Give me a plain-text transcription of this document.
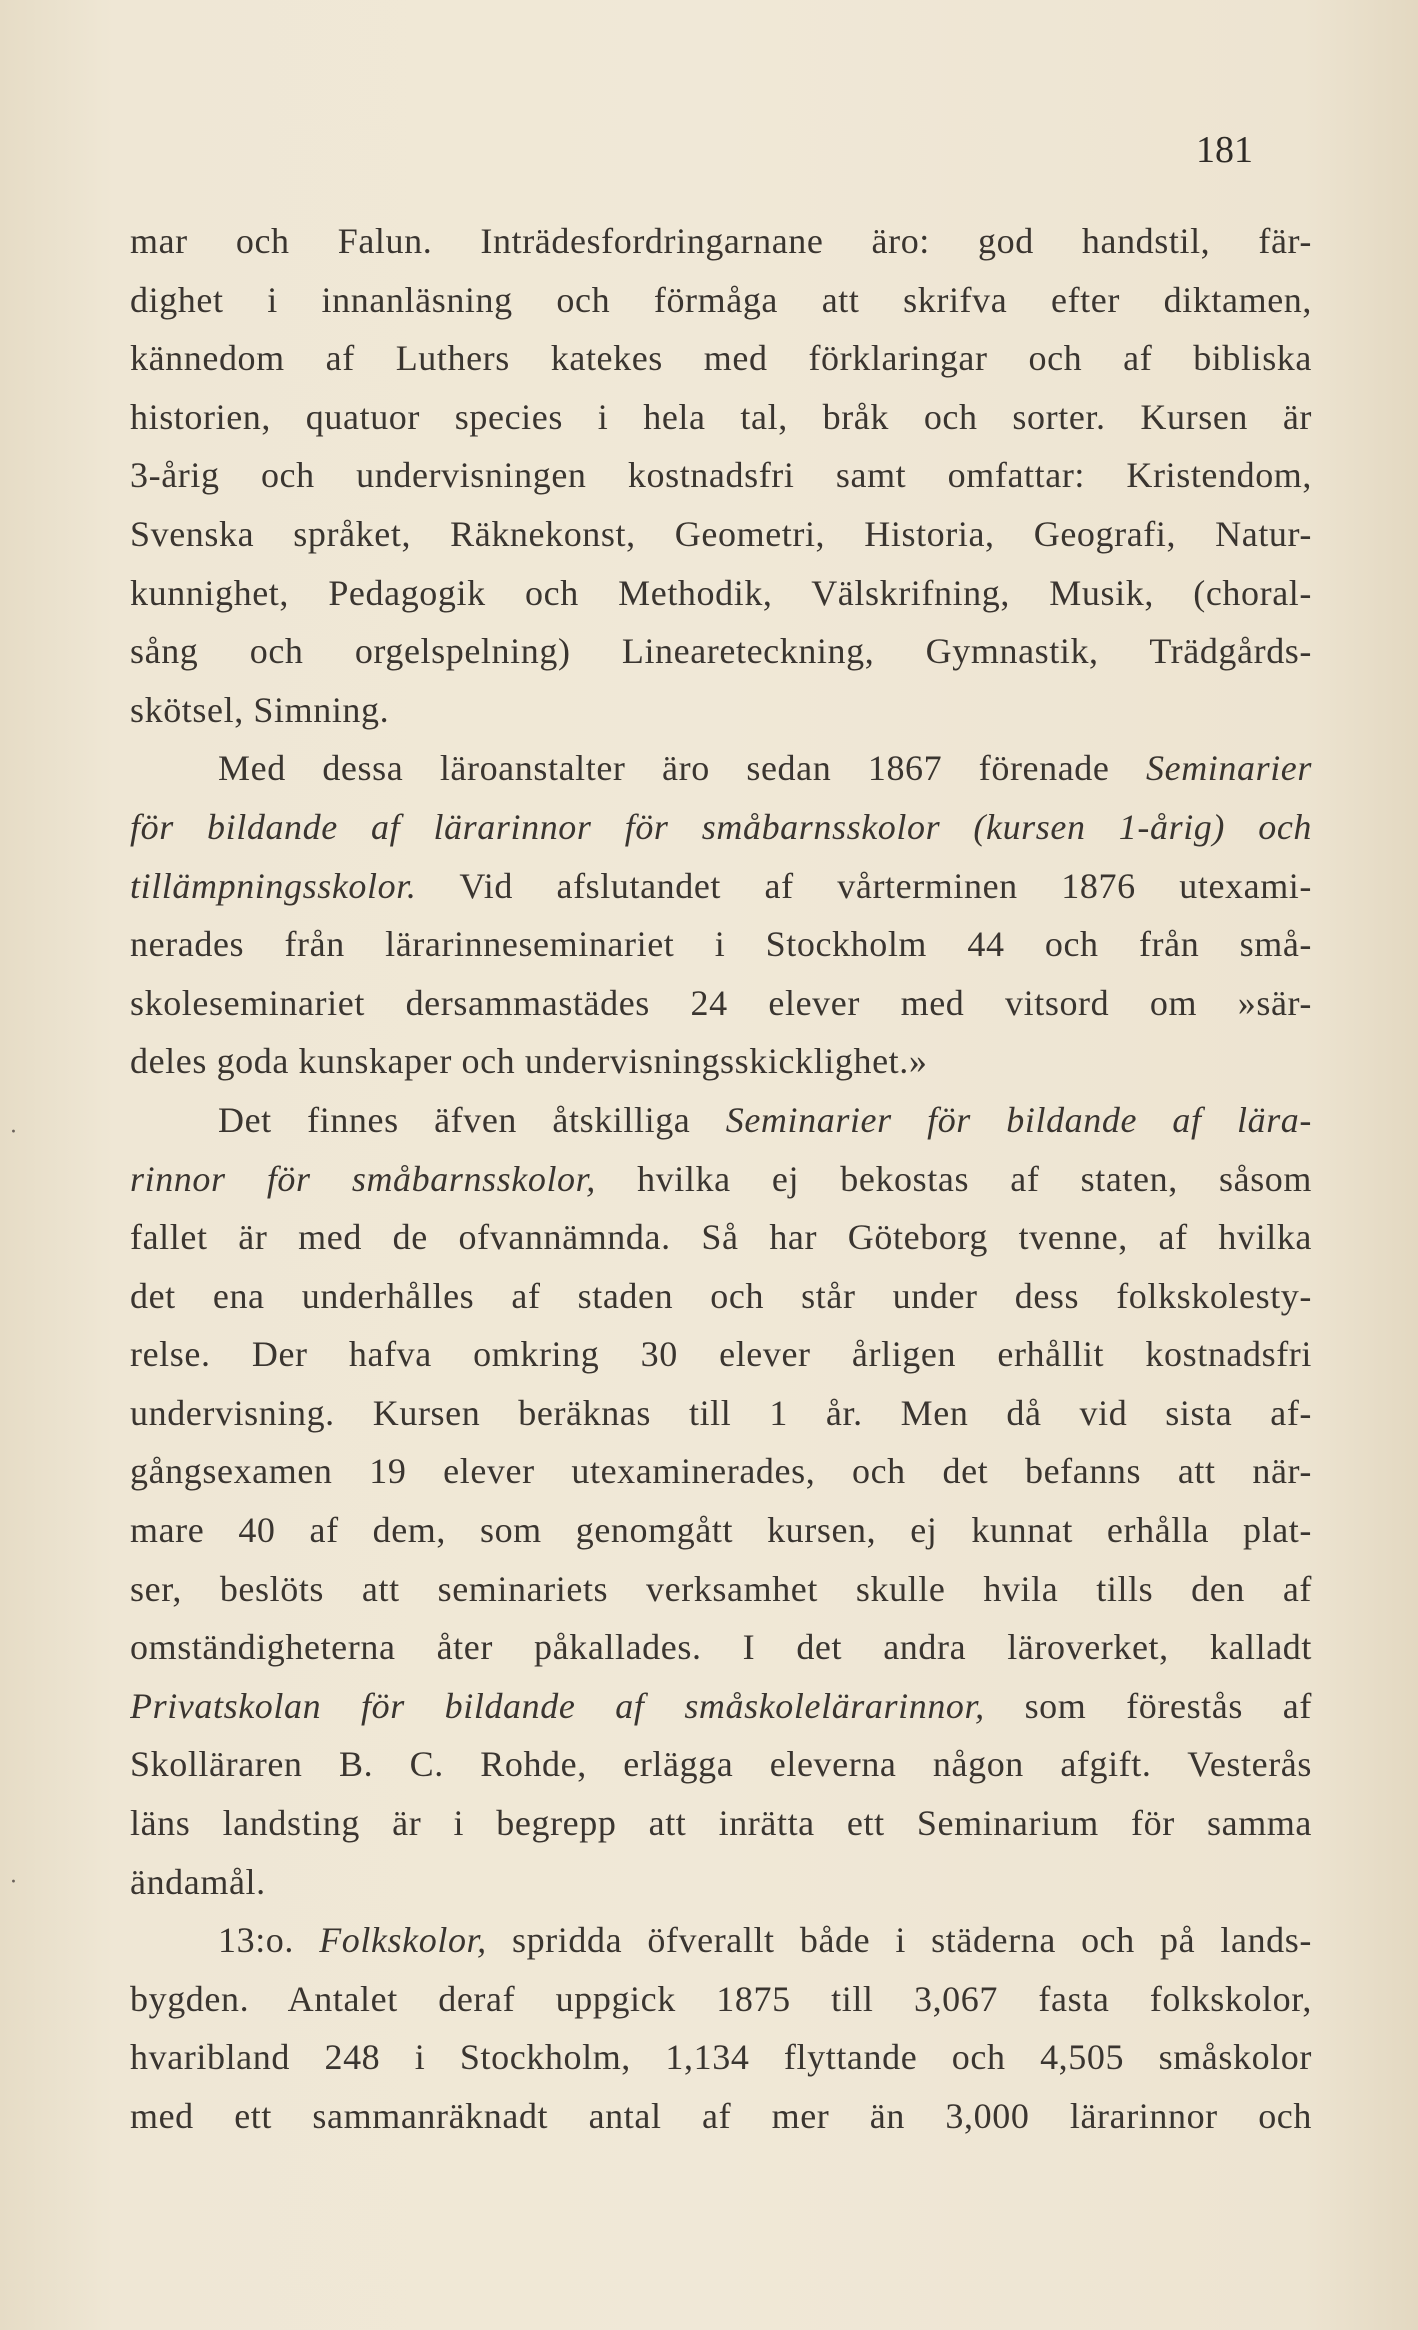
181
mar och Falun. Inträdesfordringarnane äro: god handstil, fär-
dighet i innanläsning och förmåga att skrifva efter diktamen,
kännedom af Luthers katekes med förklaringar och af bibliska
historien, quatuor species i hela tal, bråk och sorter. Kursen är
3-årig och undervisningen kostnadsfri samt omfattar: Kristendom,
Svenska språket, Räknekonst, Geometri, Historia, Geografi, Natur-
kunnighet, Pedagogik och Methodik, Välskrifning, Musik, (choral-
sång och orgelspelning) Lineareteckning, Gymnastik, Trädgårds-
skötsel, Simning.
Med dessa läroanstalter äro sedan 1867 förenade Seminarier
för bildande af lärarinnor för småbarnsskolor (kursen 1-årig) och
tillämpningsskolor. Vid afslutandet af vårterminen 1876 utexami-
nerades från lärarinneseminariet i Stockholm 44 och från små-
skoleseminariet dersammastädes 24 elever med vitsord om »sär-
deles goda kunskaper och undervisningsskicklighet.»
Det finnes äfven åtskilliga Seminarier för bildande af lära-
rinnor för småbarnsskolor, hvilka ej bekostas af staten, såsom
fallet är med de ofvannämnda. Så har Göteborg tvenne, af hvilka
det ena underhålles af staden och står under dess folkskolesty-
relse. Der hafva omkring 30 elever årligen erhållit kostnadsfri
undervisning. Kursen beräknas till 1 år. Men då vid sista af-
gångsexamen 19 elever utexaminerades, och det befanns att när-
mare 40 af dem, som genomgått kursen, ej kunnat erhålla plat-
ser, beslöts att seminariets verksamhet skulle hvila tills den af
omständigheterna åter påkallades. I det andra läroverket, kalladt
Privatskolan för bildande af småskolelärarinnor, som förestås af
Skolläraren B. C. Rohde, erlägga eleverna någon afgift. Vesterås
läns landsting är i begrepp att inrätta ett Seminarium för samma
ändamål.
13:o. Folkskolor, spridda öfverallt både i städerna och på lands-
bygden. Antalet deraf uppgick 1875 till 3,067 fasta folkskolor,
hvaribland 248 i Stockholm, 1,134 flyttande och 4,505 småskolor
med ett sammanräknadt antal af mer än 3,000 lärarinnor och
·
·
